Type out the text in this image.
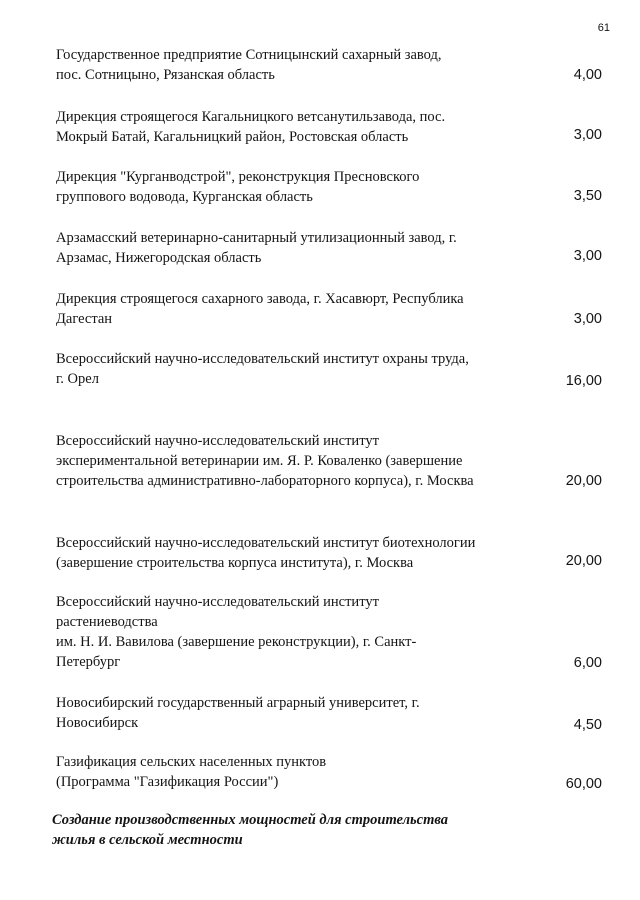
61
Государственное предприятие Сотницынский сахарный завод,
пос. Сотницыно, Рязанская область	4,00
Дирекция строящегося Кагальницкого ветсанутильзавода, пос.
Мокрый Батай, Кагальницкий район, Ростовская область	3,00
Дирекция "Курганводстрой", реконструкция Пресновского
группового водовода, Курганская область	3,50
Арзамасский ветеринарно-санитарный утилизационный завод, г.
Арзамас, Нижегородская область	3,00
Дирекция строящегося сахарного завода, г. Хасавюрт, Республика
Дагестан	3,00
Всероссийский научно-исследовательский институт охраны труда,
г. Орел	16,00
Всероссийский научно-исследовательский институт
экспериментальной ветеринарии им. Я. Р. Коваленко (завершение
строительства административно-лабораторного корпуса), г. Москва	20,00
Всероссийский научно-исследовательский институт биотехнологии
(завершение строительства корпуса института), г. Москва	20,00
Всероссийский научно-исследовательский институт
растениеводства
им. Н. И. Вавилова (завершение реконструкции), г. Санкт-
Петербург	6,00
Новосибирский государственный аграрный университет, г.
Новосибирск	4,50
Газификация сельских населенных пунктов
(Программа "Газификация России")	60,00
Создание производственных мощностей для строительства
жилья в сельской местности
